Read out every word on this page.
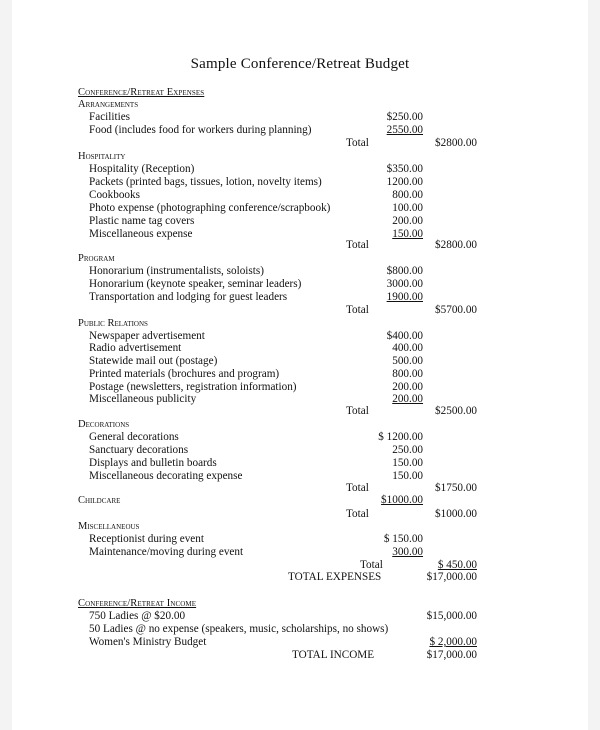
Sample Conference/Retreat Budget
Conference/Retreat Expenses
Arrangements
Facilities	$250.00
Food (includes food for workers during planning)	2550.00
Total	$2800.00
Hospitality
Hospitality (Reception)	$350.00
Packets (printed bags, tissues, lotion, novelty items)	1200.00
Cookbooks	800.00
Photo expense (photographing conference/scrapbook)	100.00
Plastic name tag covers	200.00
Miscellaneous expense	150.00
Total	$2800.00
Program
Honorarium (instrumentalists, soloists)	$800.00
Honorarium (keynote speaker, seminar leaders)	3000.00
Transportation and lodging for guest leaders	1900.00
Total	$5700.00
Public Relations
Newspaper advertisement	$400.00
Radio advertisement	400.00
Statewide mail out (postage)	500.00
Printed materials (brochures and program)	800.00
Postage (newsletters, registration information)	200.00
Miscellaneous publicity	200.00
Total	$2500.00
Decorations
General decorations	$ 1200.00
Sanctuary decorations	250.00
Displays and bulletin boards	150.00
Miscellaneous decorating expense	150.00
Total	$1750.00
Childcare	$1000.00
Total	$1000.00
Miscellaneous
Receptionist during event	$ 150.00
Maintenance/moving during event	300.00
Total	$ 450.00
TOTAL EXPENSES	$17,000.00
Conference/Retreat Income
750 Ladies @ $20.00	$15,000.00
50 Ladies @ no expense (speakers, music, scholarships, no shows)
Women's Ministry Budget	$ 2,000.00
TOTAL INCOME	$17,000.00
